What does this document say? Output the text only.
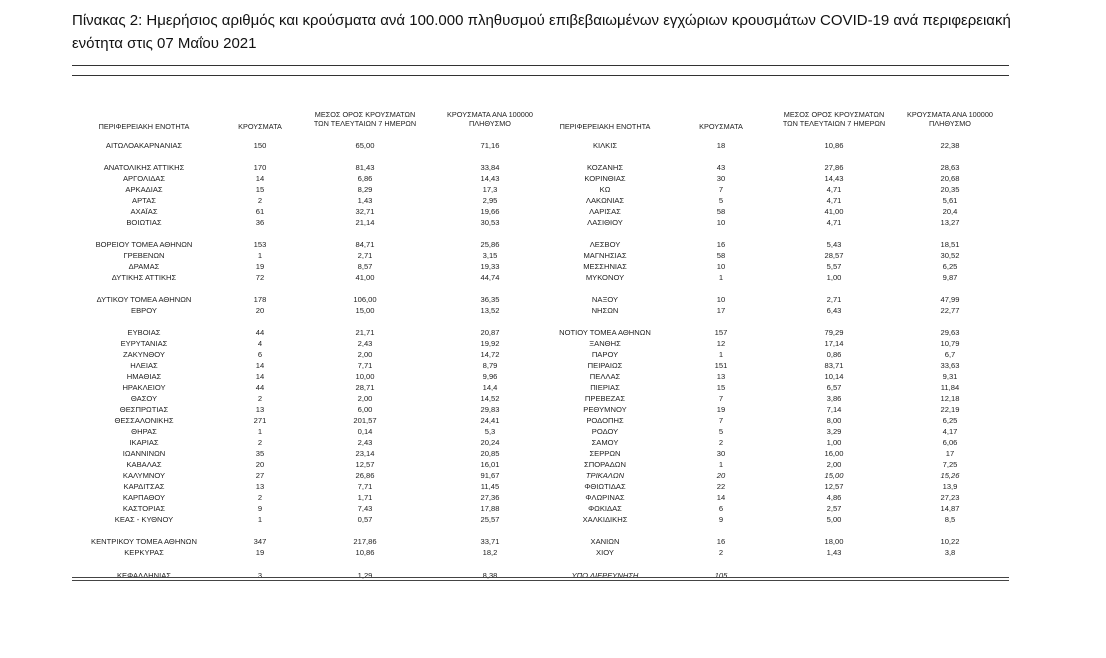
Πίνακας 2: Ημερήσιος αριθμός και κρούσματα ανά 100.000 πληθυσμού επιβεβαιωμένων εγχώριων κρουσμάτων COVID-19 ανά περιφερειακή ενότητα στις 07 Μαΐου 2021
ΠΕΡΙΦΕΡΕΙΑΚΗ ΕΝΟΤΗΤΑ	ΚΡΟΥΣΜΑΤΑ
ΜΕΣΟΣ ΟΡΟΣ ΚΡΟΥΣΜΑΤΩΝ
ΤΩΝ ΤΕΛΕΥΤΑΙΩΝ 7 ΗΜΕΡΩΝ
ΚΡΟΥΣΜΑΤΑ ΑΝΑ 100000
ΠΛΗΘΥΣΜΟ	ΠΕΡΙΦΕΡΕΙΑΚΗ ΕΝΟΤΗΤΑ	ΚΡΟΥΣΜΑΤΑ
ΜΕΣΟΣ ΟΡΟΣ ΚΡΟΥΣΜΑΤΩΝ
ΤΩΝ ΤΕΛΕΥΤΑΙΩΝ 7 ΗΜΕΡΩΝ
ΚΡΟΥΣΜΑΤΑ ΑΝΑ 100000
ΠΛΗΘΥΣΜΟ
ΑΙΤΩΛΟΑΚΑΡΝΑΝΙΑΣ	150	65,00	71,16
ΑΝΑΤΟΛΙΚΗΣ ΑΤΤΙΚΗΣ	170	81,43	33,84
ΑΡΓΟΛΙΔΑΣ	14	6,86	14,43
ΑΡΚΑΔΙΑΣ	15	8,29	17,3
ΑΡΤΑΣ	2	1,43	2,95
ΑΧΑΪΑΣ	61	32,71	19,66
ΒΟΙΩΤΙΑΣ	36	21,14	30,53
ΒΟΡΕΙΟΥ ΤΟΜΕΑ ΑΘΗΝΩΝ	153	84,71	25,86
ΓΡΕΒΕΝΩΝ	1	2,71	3,15
ΔΡΑΜΑΣ	19	8,57	19,33
ΔΥΤΙΚΗΣ ΑΤΤΙΚΗΣ	72	41,00	44,74
ΔΥΤΙΚΟΥ ΤΟΜΕΑ ΑΘΗΝΩΝ	178	106,00	36,35
ΕΒΡΟΥ	20	15,00	13,52
ΕΥΒΟΙΑΣ	44	21,71	20,87
ΕΥΡΥΤΑΝΙΑΣ	4	2,43	19,92
ΖΑΚΥΝΘΟΥ	6	2,00	14,72
ΗΛΕΙΑΣ	14	7,71	8,79
ΗΜΑΘΙΑΣ	14	10,00	9,96
ΗΡΑΚΛΕΙΟΥ	44	28,71	14,4
ΘΑΣΟΥ	2	2,00	14,52
ΘΕΣΠΡΩΤΙΑΣ	13	6,00	29,83
ΘΕΣΣΑΛΟΝΙΚΗΣ	271	201,57	24,41
ΘΗΡΑΣ	1	0,14	5,3
ΙΚΑΡΙΑΣ	2	2,43	20,24
ΙΩΑΝΝΙΝΩΝ	35	23,14	20,85
ΚΑΒΑΛΑΣ	20	12,57	16,01
ΚΑΛΥΜΝΟΥ	27	26,86	91,67
ΚΑΡΔΙΤΣΑΣ	13	7,71	11,45
ΚΑΡΠΑΘΟΥ	2	1,71	27,36
ΚΑΣΤΟΡΙΑΣ	9	7,43	17,88
ΚΕΑΣ - ΚΥΘΝΟΥ	1	0,57	25,57
ΚΕΝΤΡΙΚΟΥ ΤΟΜΕΑ ΑΘΗΝΩΝ	347	217,86	33,71
ΚΕΡΚΥΡΑΣ	19	10,86	18,2
ΚΕΦΑΛΛΗΝΙΑΣ	3	1,29	8,38
ΚΙΛΚΙΣ	18	10,86	22,38
ΚΟΖΑΝΗΣ	43	27,86	28,63
ΚΟΡΙΝΘΙΑΣ	30	14,43	20,68
ΚΩ	7	4,71	20,35
ΛΑΚΩΝΙΑΣ	5	4,71	5,61
ΛΑΡΙΣΑΣ	58	41,00	20,4
ΛΑΣΙΘΙΟΥ	10	4,71	13,27
ΛΕΣΒΟΥ	16	5,43	18,51
ΜΑΓΝΗΣΙΑΣ	58	28,57	30,52
ΜΕΣΣΗΝΙΑΣ	10	5,57	6,25
ΜΥΚΟΝΟΥ	1	1,00	9,87
ΝΑΞΟΥ	10	2,71	47,99
ΝΗΣΩΝ	17	6,43	22,77
ΝΟΤΙΟΥ ΤΟΜΕΑ ΑΘΗΝΩΝ	157	79,29	29,63
ΞΑΝΘΗΣ	12	17,14	10,79
ΠΑΡΟΥ	1	0,86	6,7
ΠΕΙΡΑΙΩΣ	151	83,71	33,63
ΠΕΛΛΑΣ	13	10,14	9,31
ΠΙΕΡΙΑΣ	15	6,57	11,84
ΠΡΕΒΕΖΑΣ	7	3,86	12,18
ΡΕΘΥΜΝΟΥ	19	7,14	22,19
ΡΟΔΟΠΗΣ	7	8,00	6,25
ΡΟΔΟΥ	5	3,29	4,17
ΣΑΜΟΥ	2	1,00	6,06
ΣΕΡΡΩΝ	30	16,00	17
ΣΠΟΡΑΔΩΝ	1	2,00	7,25
ΤΡΙΚΑΛΩΝ	20	15,00	15,26
ΦΘΙΩΤΙΔΑΣ	22	12,57	13,9
ΦΛΩΡΙΝΑΣ	14	4,86	27,23
ΦΩΚΙΔΑΣ	6	2,57	14,87
ΧΑΛΚΙΔΙΚΗΣ	9	5,00	8,5
ΧΑΝΙΩΝ	16	18,00	10,22
ΧΙΟΥ	2	1,43	3,8
ΥΠΟ ΔΙΕΡΕΥΝΗΣΗ	105
